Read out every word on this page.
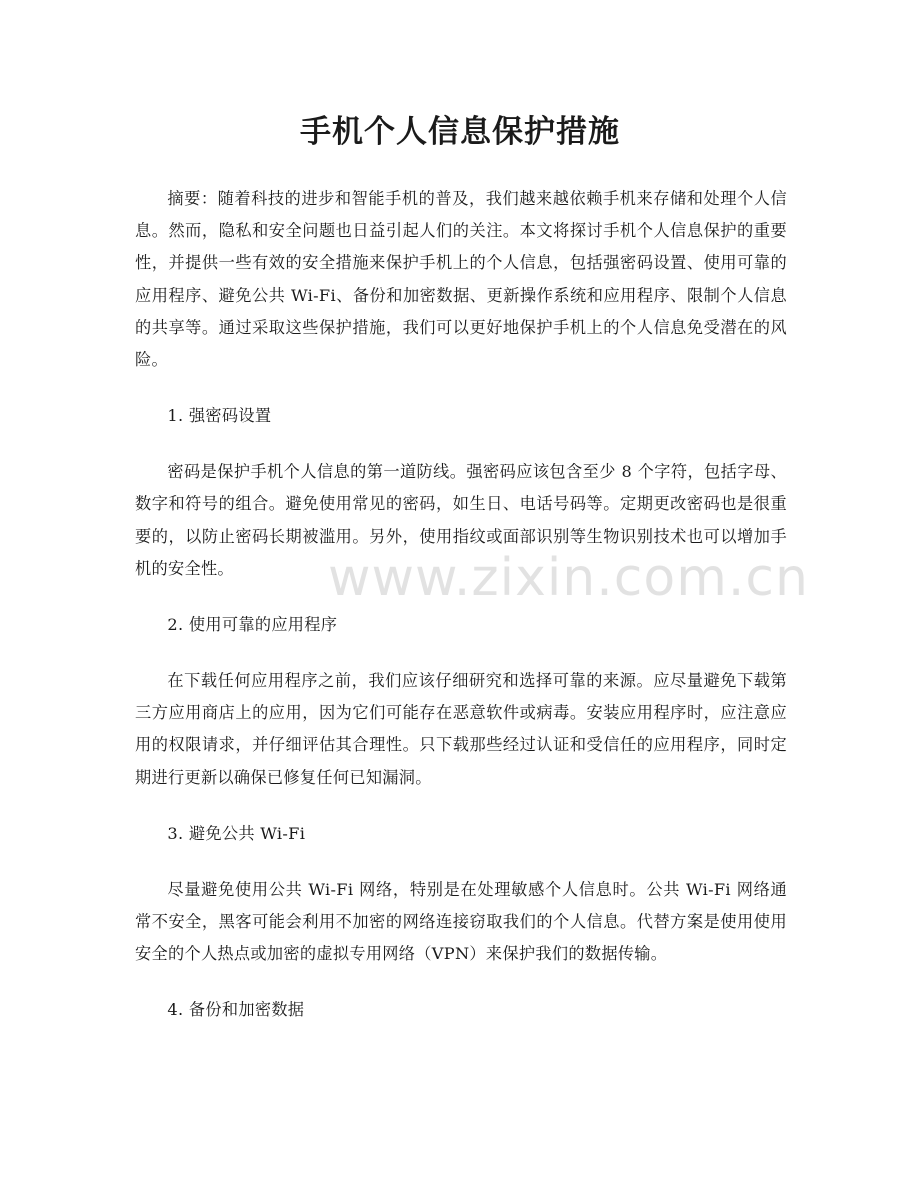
手机个人信息保护措施

摘要：随着科技的进步和智能手机的普及，我们越来越依赖手机来存储和处理个人信息。然而，隐私和安全问题也日益引起人们的关注。本文将探讨手机个人信息保护的重要性，并提供一些有效的安全措施来保护手机上的个人信息，包括强密码设置、使用可靠的应用程序、避免公共 Wi-Fi、备份和加密数据、更新操作系统和应用程序、限制个人信息的共享等。通过采取这些保护措施，我们可以更好地保护手机上的个人信息免受潜在的风险。

1. 强密码设置

密码是保护手机个人信息的第一道防线。强密码应该包含至少 8 个字符，包括字母、数字和符号的组合。避免使用常见的密码，如生日、电话号码等。定期更改密码也是很重要的，以防止密码长期被滥用。另外，使用指纹或面部识别等生物识别技术也可以增加手机的安全性。

2. 使用可靠的应用程序

在下载任何应用程序之前，我们应该仔细研究和选择可靠的来源。应尽量避免下载第三方应用商店上的应用，因为它们可能存在恶意软件或病毒。安装应用程序时，应注意应用的权限请求，并仔细评估其合理性。只下载那些经过认证和受信任的应用程序，同时定期进行更新以确保已修复任何已知漏洞。

3. 避免公共 Wi-Fi

尽量避免使用公共 Wi-Fi 网络，特别是在处理敏感个人信息时。公共 Wi-Fi 网络通常不安全，黑客可能会利用不加密的网络连接窃取我们的个人信息。代替方案是使用使用安全的个人热点或加密的虚拟专用网络（VPN）来保护我们的数据传输。

4. 备份和加密数据

www.zixin.com.cn
